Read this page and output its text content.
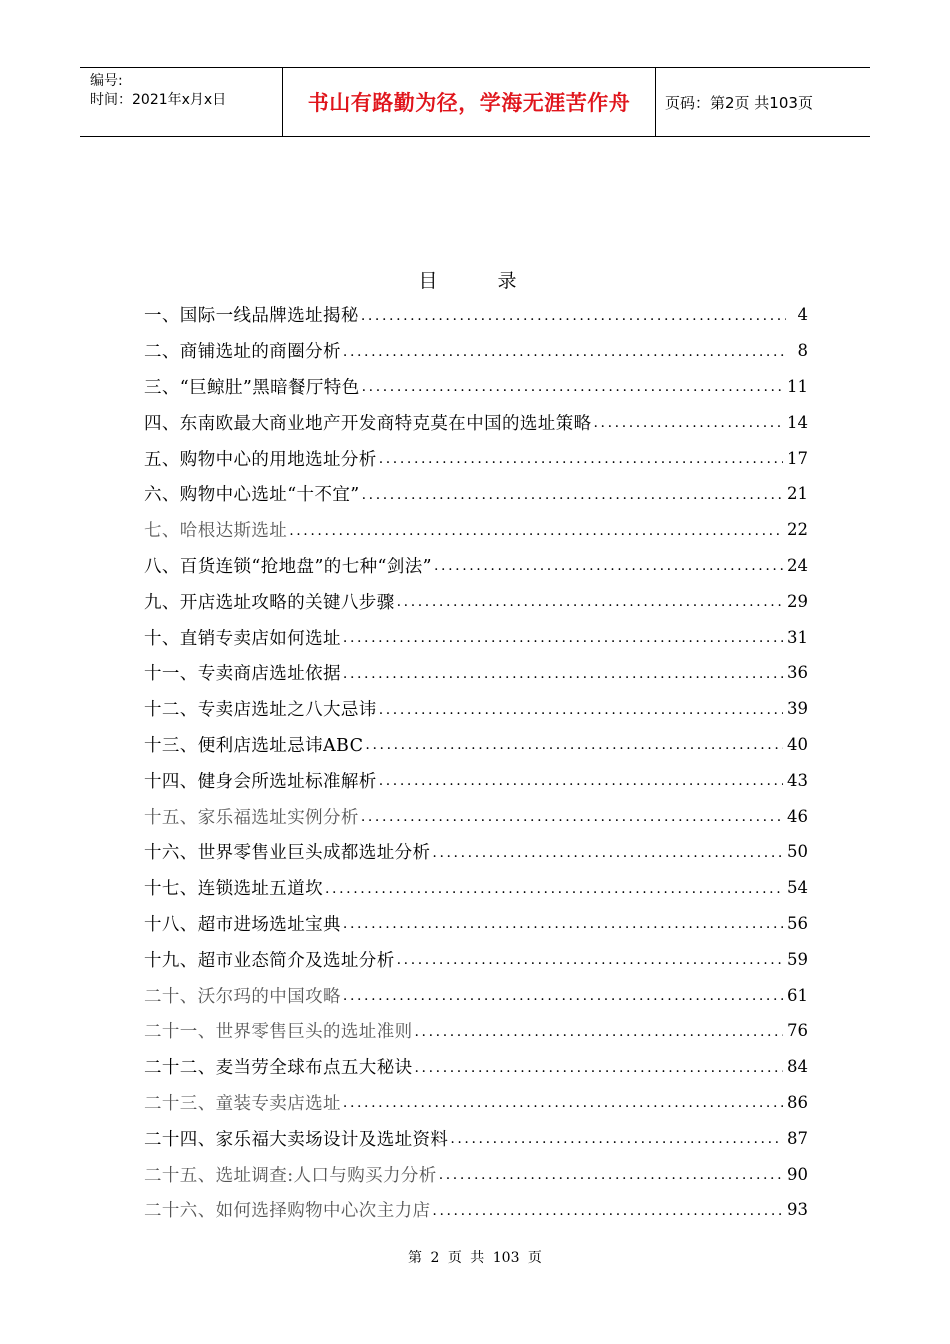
编号:
时间：2021年x月x日	书山有路勤为径，学海无涯苦作舟 页码：第2页 共103页
目录
一、国际一线品牌选址揭秘 .....	4
二、商铺选址的商圈分析 .....	8
三、“巨鲸肚”黑暗餐厅特色 .....	11
四、东南欧最大商业地产开发商特克莫在中国的选址策略 .....	14
五、购物中心的用地选址分析 .....	17
六、购物中心选址“十不宜” .....	21
七、哈根达斯选址 .....	22
八、百货连锁“抢地盘”的七种“剑法” .....	24
九、开店选址攻略的关键八步骤 .....	29
十、直销专卖店如何选址 .....	31
十一、专卖商店选址依据 .....	36
十二、专卖店选址之八大忌讳 .....	39
十三、便利店选址忌讳ABC .....	40
十四、健身会所选址标准解析 .....	43
十五、家乐福选址实例分析 .....	46
十六、世界零售业巨头成都选址分析 .....	50
十七、连锁选址五道坎 .....	54
十八、超市进场选址宝典 .....	56
十九、超市业态简介及选址分析 .....	59
二十、沃尔玛的中国攻略 .....	61
二十一、世界零售巨头的选址准则 .....	76
二十二、麦当劳全球布点五大秘诀 .....	84
二十三、童装专卖店选址 .....	86
二十四、家乐福大卖场设计及选址资料 .....	87
二十五、选址调查:人口与购买力分析 .....	90
二十六、如何选择购物中心次主力店 .....	93
第 2 页 共 103 页
